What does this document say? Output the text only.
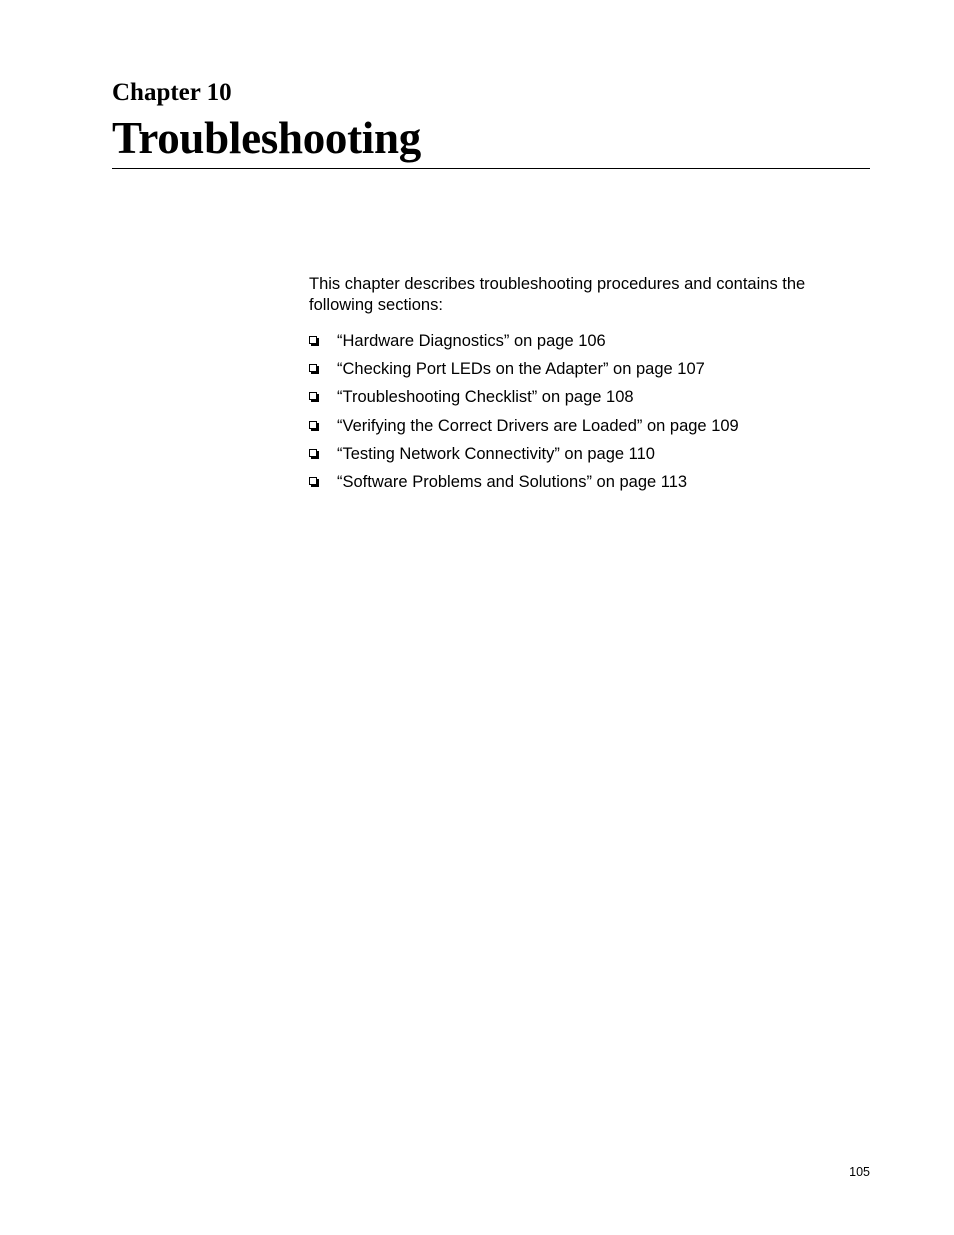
Chapter 10
Troubleshooting

This chapter describes troubleshooting procedures and contains the following sections:

“Hardware Diagnostics” on page 106
“Checking Port LEDs on the Adapter” on page 107
“Troubleshooting Checklist” on page 108
“Verifying the Correct Drivers are Loaded” on page 109
“Testing Network Connectivity” on page 110
“Software Problems and Solutions” on page 113
105
